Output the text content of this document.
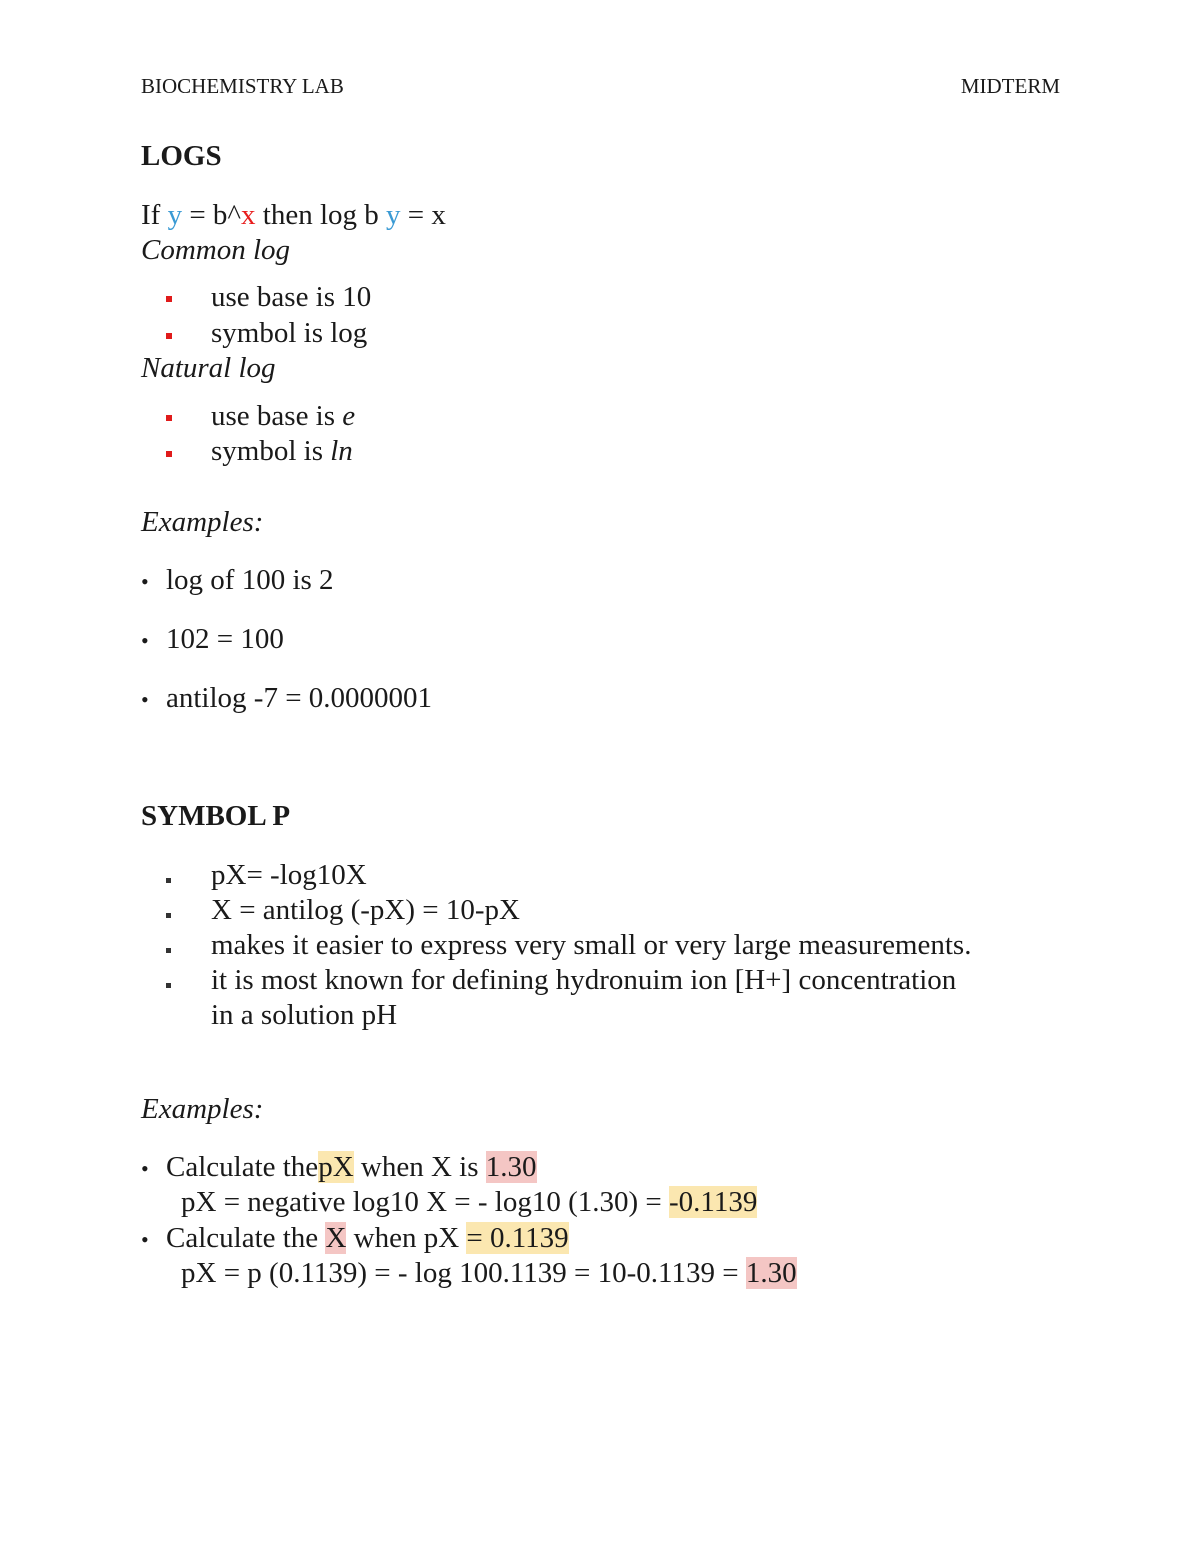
BIOCHEMISTRY LAB	MIDTERM
LOGS
If y = b^x then log b y = x
Common log
use base is 10
symbol is log
Natural log
use base is e
symbol is ln
Examples:
• log of 100 is 2
• 102 = 100
• antilog -7 = 0.0000001
SYMBOL P
pX= -log10X
X = antilog (-pX) = 10-pX
makes it easier to express very small or very large measurements.
it is most known for defining hydronuim ion [H+] concentration
in a solution pH
Examples:
• Calculate thepX when X is 1.30
pX = negative log10 X = - log10 (1.30) = -0.1139
• Calculate the X when pX = 0.1139
pX = p (0.1139) = - log 100.1139 = 10-0.1139 = 1.30
